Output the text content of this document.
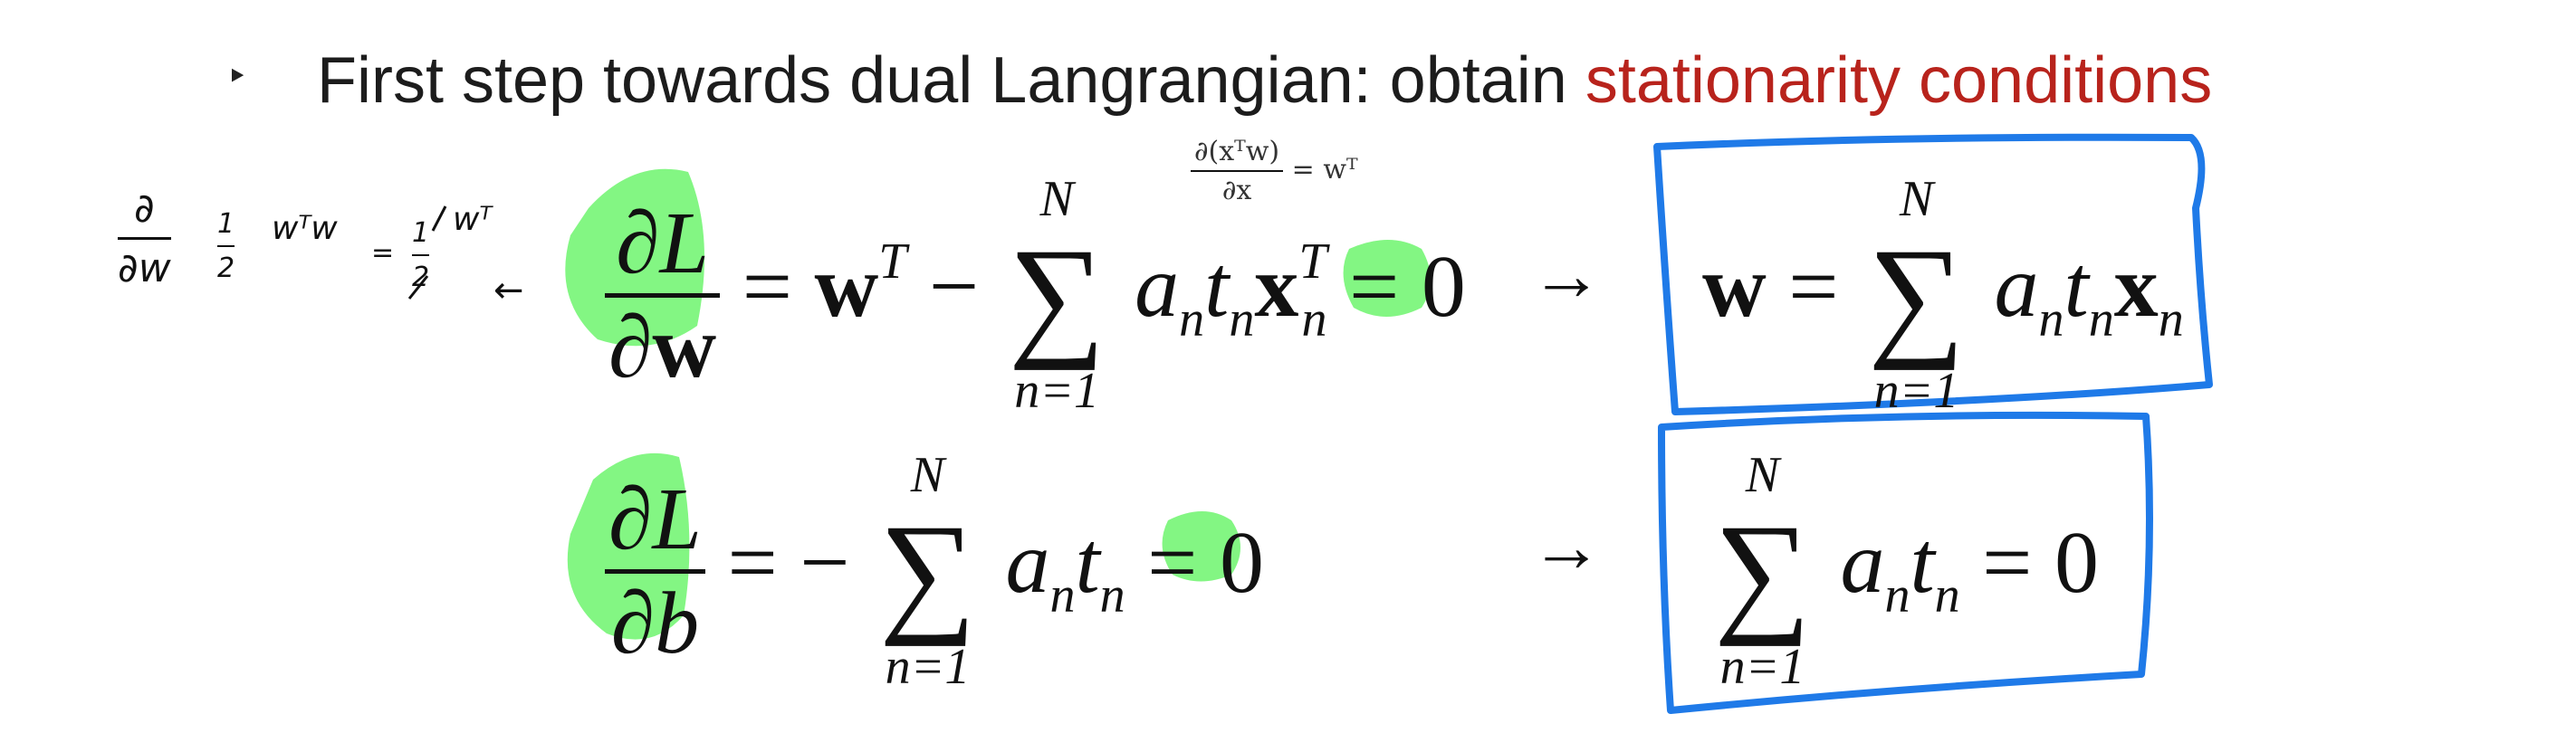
‣ First step towards dual Langrangian: obtain stationarity conditions
$\frac{\text{∂(xᵀw)}}{\partial x}$ = wᵀ
$\frac{\partial}{\partial w} \frac{1}{2}$ wᵀw
= $\frac{1}{2}$ wᵀ
← ∂L
∂w
= $w^T$ −
N
∑
n=1
$a_nt_nx^T_n = 0 \to w$ =
N
∑
n=1
$a_nt_nx_n$
∂L
∂b
= −
N
∑
n=1
$a_nt_n = 0$	→
N
∑
n=1
$a_nt_n = 0$
